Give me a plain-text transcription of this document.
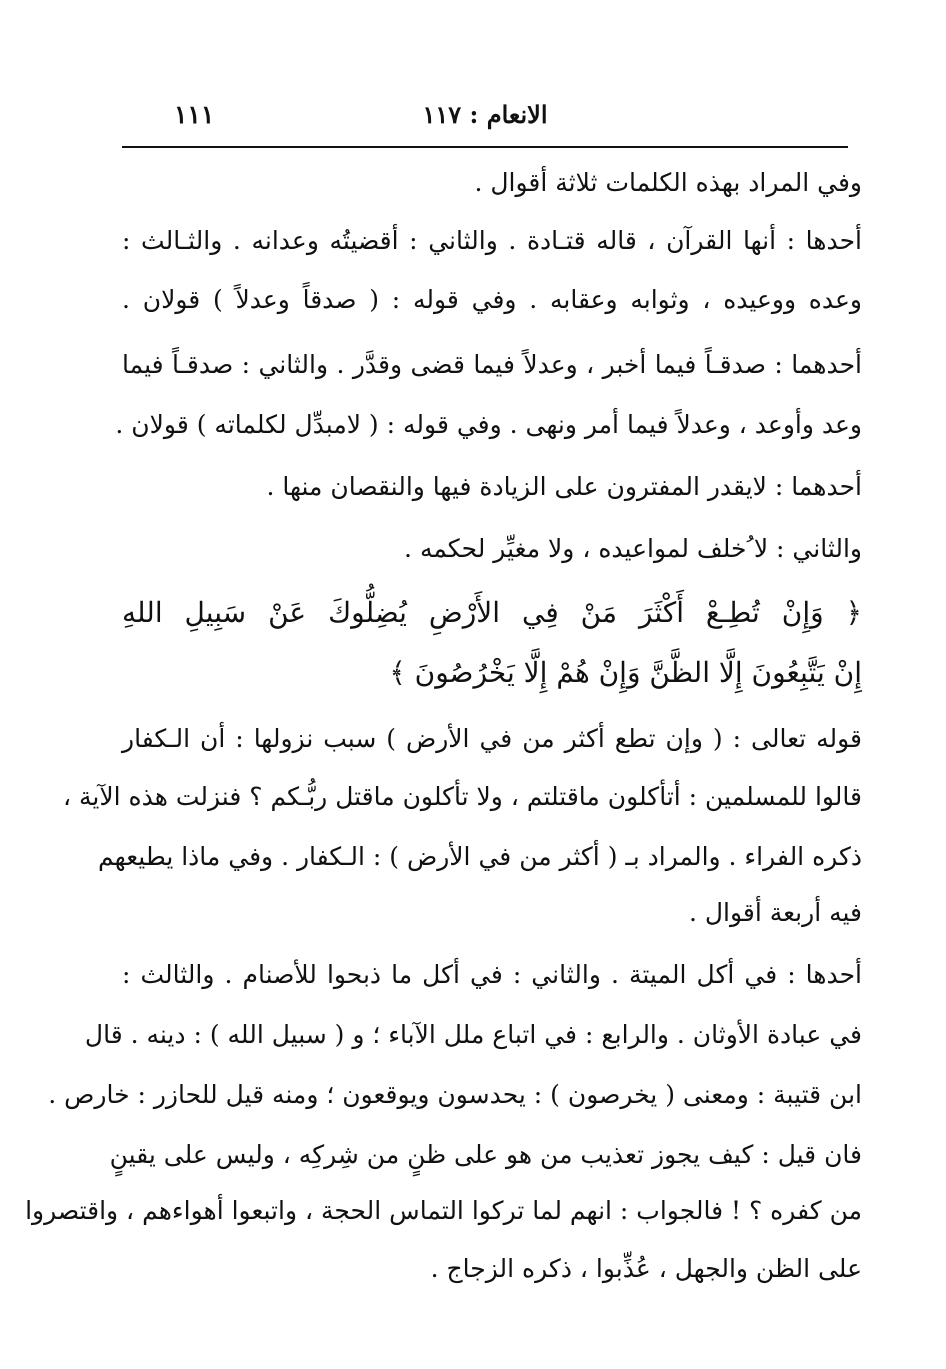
١١١	الانعام : ١١٧
وفي المراد بهذه الكلمات ثلاثة أقوال .
أحدها : أنها القرآن ، قاله قتـادة . والثاني : أقضيتُه وعدانه . والثـالث :
وعده ووعيده ، وثوابه وعقابه . وفي قوله : ( صدقاً وعدلاً ) قولان .
أحدهما : صدقـاً فيما أخبر ، وعدلاً فيما قضى وقدَّر . والثاني : صدقـاً فيما
وعد وأوعد ، وعدلاً فيما أمر ونهى . وفي قوله : ( لامبدِّل لكلماته ) قولان .
أحدهما : لايقدر المفترون على الزيادة فيها والنقصان منها .
والثاني : لا ُخلف لمواعيده ، ولا مغيِّر لحكمه .
﴿ وَإِنْ تُطِـعْ أَكْثَرَ مَنْ فِي الأَرْضِ يُضِلُّوكَ عَنْ سَبِيلِ اللهِ
إِنْ يَتَّبِعُونَ إِلَّا الظَّنَّ وَإِنْ هُمْ إِلَّا يَخْرُصُونَ ﴾
قوله تعالى : ( وإن تطع أكثر من في الأرض ) سبب نزولها : أن الـكفار
قالوا للمسلمين : أتأكلون ماقتلتم ، ولا تأكلون ماقتل ربُّـكم ؟ فنزلت هذه الآية ،
ذكره الفراء . والمراد بـ ( أكثر من في الأرض ) : الـكفار . وفي ماذا يطيعهم
فيه أربعة أقوال .
أحدها : في أكل الميتة . والثاني : في أكل ما ذبحوا للأصنام . والثالث :
في عبادة الأوثان . والرابع : في اتباع ملل الآباء ؛ و ( سبيل الله ) : دينه . قال
ابن قتيبة : ومعنى ( يخرصون ) : يحدسون ويوقعون ؛ ومنه قيل للحازر : خارص .
فان قيل : كيف يجوز تعذيب من هو على ظنٍ من شِركِه ، وليس على يقينٍ
من كفره ؟ ! فالجواب : انهم لما تركوا التماس الحجة ، واتبعوا أهواءهم ، واقتصروا
على الظن والجهل ، عُذِّبوا ، ذكره الزجاج .
